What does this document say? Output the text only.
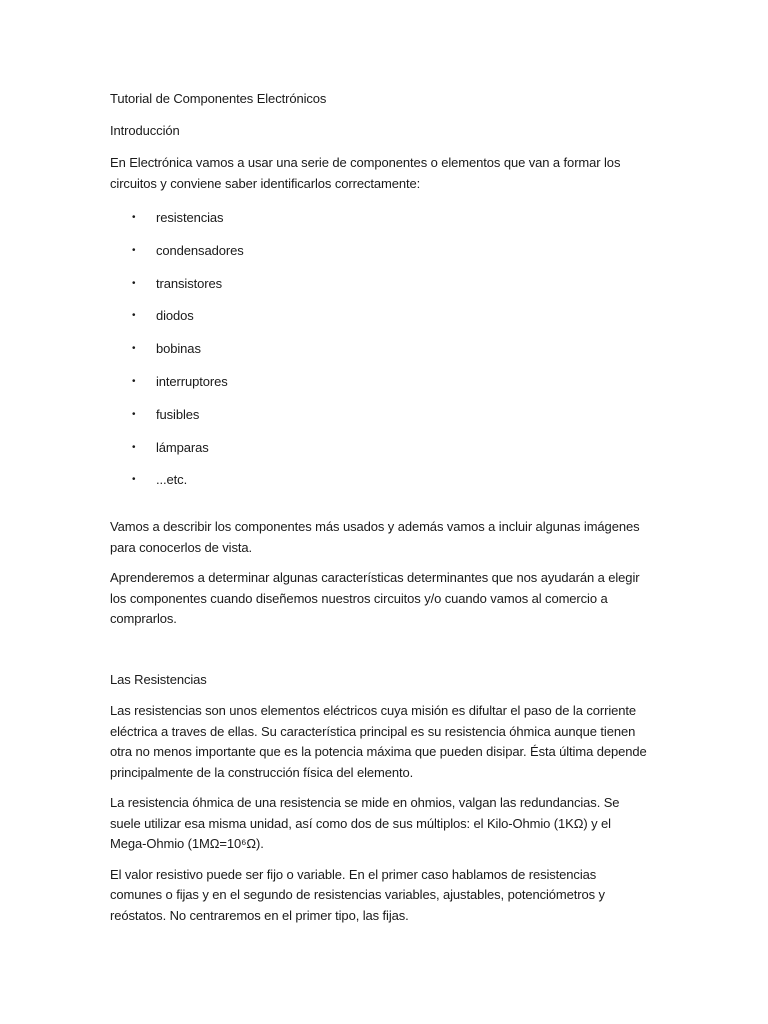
Tutorial de Componentes Electrónicos

Introducción

En Electrónica vamos a usar una serie de componentes o elementos que van a formar los circuitos y conviene saber identificarlos correctamente:

• resistencias
• condensadores
• transistores
• diodos
• bobinas
• interruptores
• fusibles
• lámparas
• ...etc.

Vamos a describir los componentes más usados y además vamos a incluir algunas imágenes para conocerlos de vista.

Aprenderemos a determinar algunas características determinantes que nos ayudarán a elegir los componentes cuando diseñemos nuestros circuitos y/o cuando vamos al comercio a comprarlos.

Las Resistencias

Las resistencias son unos elementos eléctricos cuya misión es difultar el paso de la corriente eléctrica a traves de ellas. Su característica principal es su resistencia óhmica aunque tienen otra no menos importante que es la potencia máxima que pueden disipar. Ésta última depende principalmente de la construcción física del elemento.

La resistencia óhmica de una resistencia se mide en ohmios, valgan las redundancias. Se suele utilizar esa misma unidad, así como dos de sus múltiplos: el Kilo-Ohmio (1KΩ) y el Mega-Ohmio (1MΩ=10⁶Ω).

El valor resistivo puede ser fijo o variable. En el primer caso hablamos de resistencias comunes o fijas y en el segundo de resistencias variables, ajustables, potenciómetros y reóstatos. No centraremos en el primer tipo, las fijas.
